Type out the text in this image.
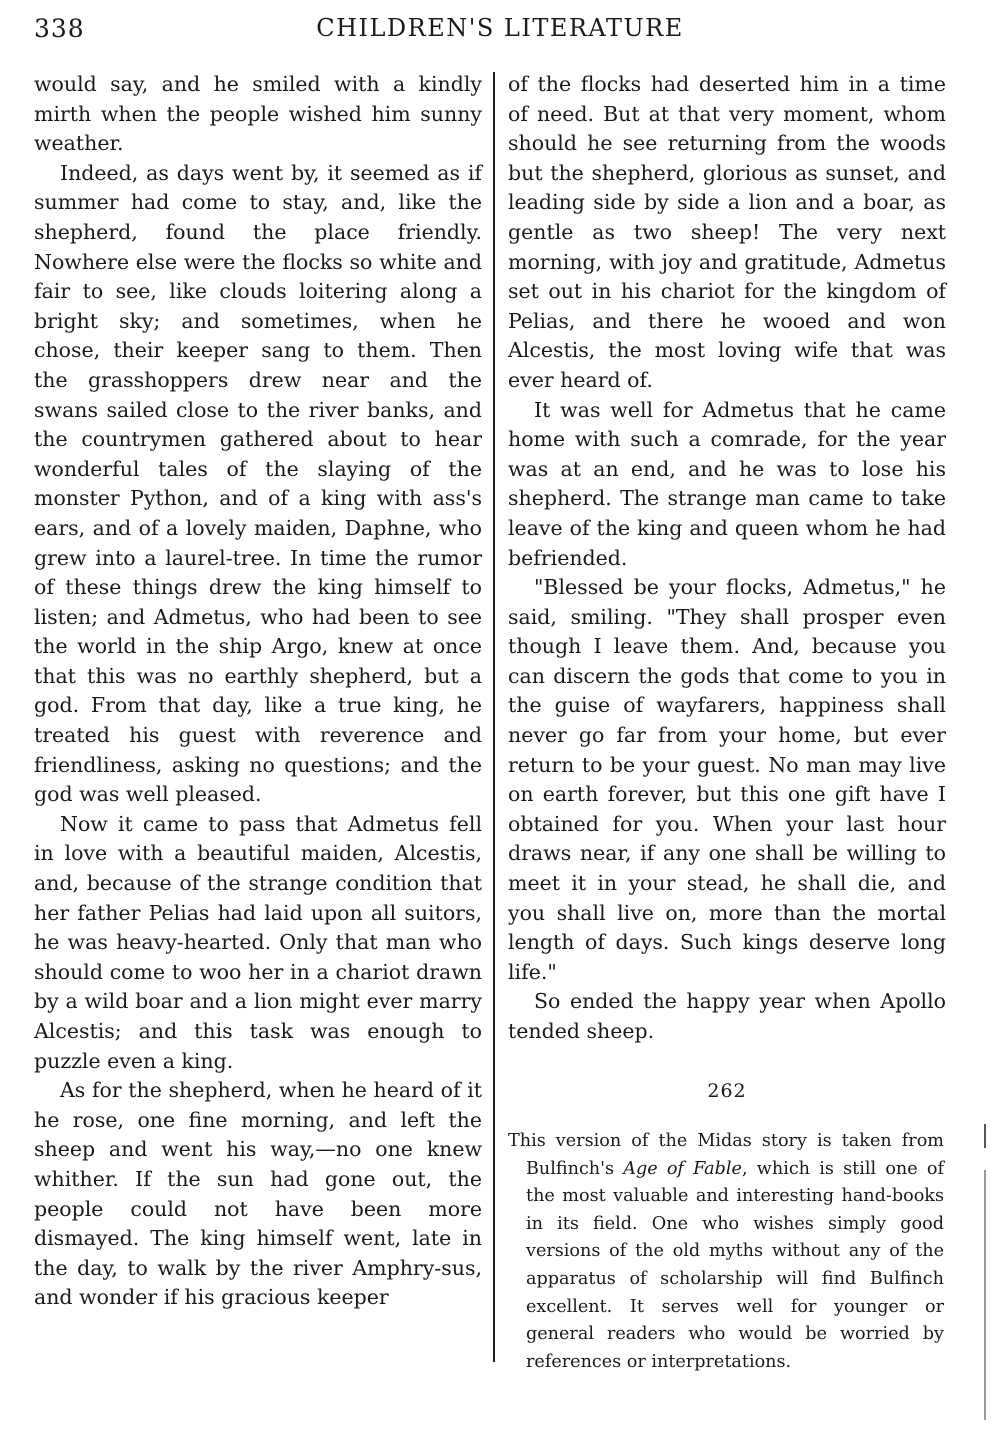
338	CHILDREN'S LITERATURE

would say, and he smiled with a kindly mirth when the people wished him sunny weather.

Indeed, as days went by, it seemed as if summer had come to stay, and, like the shepherd, found the place friendly. Nowhere else were the flocks so white and fair to see, like clouds loitering along a bright sky; and sometimes, when he chose, their keeper sang to them. Then the grasshoppers drew near and the swans sailed close to the river banks, and the countrymen gathered about to hear wonderful tales of the slaying of the monster Python, and of a king with ass's ears, and of a lovely maiden, Daphne, who grew into a laurel-tree. In time the rumor of these things drew the king himself to listen; and Admetus, who had been to see the world in the ship Argo, knew at once that this was no earthly shepherd, but a god. From that day, like a true king, he treated his guest with reverence and friendliness, asking no questions; and the god was well pleased.

Now it came to pass that Admetus fell in love with a beautiful maiden, Alcestis, and, because of the strange condition that her father Pelias had laid upon all suitors, he was heavy-hearted. Only that man who should come to woo her in a chariot drawn by a wild boar and a lion might ever marry Alcestis; and this task was enough to puzzle even a king.

As for the shepherd, when he heard of it he rose, one fine morning, and left the sheep and went his way,—no one knew whither. If the sun had gone out, the people could not have been more dismayed. The king himself went, late in the day, to walk by the river Amphry-sus, and wonder if his gracious keeper

of the flocks had deserted him in a time of need. But at that very moment, whom should he see returning from the woods but the shepherd, glorious as sunset, and leading side by side a lion and a boar, as gentle as two sheep! The very next morning, with joy and gratitude, Admetus set out in his chariot for the kingdom of Pelias, and there he wooed and won Alcestis, the most loving wife that was ever heard of.

It was well for Admetus that he came home with such a comrade, for the year was at an end, and he was to lose his shepherd. The strange man came to take leave of the king and queen whom he had befriended.

"Blessed be your flocks, Admetus," he said, smiling. "They shall prosper even though I leave them. And, because you can discern the gods that come to you in the guise of wayfarers, happiness shall never go far from your home, but ever return to be your guest. No man may live on earth forever, but this one gift have I obtained for you. When your last hour draws near, if any one shall be willing to meet it in your stead, he shall die, and you shall live on, more than the mortal length of days. Such kings deserve long life."

So ended the happy year when Apollo tended sheep.

262
This version of the Midas story is taken from Bulfinch's Age of Fable, which is still one of the most valuable and interesting hand-books in its field. One who wishes simply good versions of the old myths without any of the apparatus of scholarship will find Bulfinch excellent. It serves well for younger or general readers who would be worried by references or interpretations.
